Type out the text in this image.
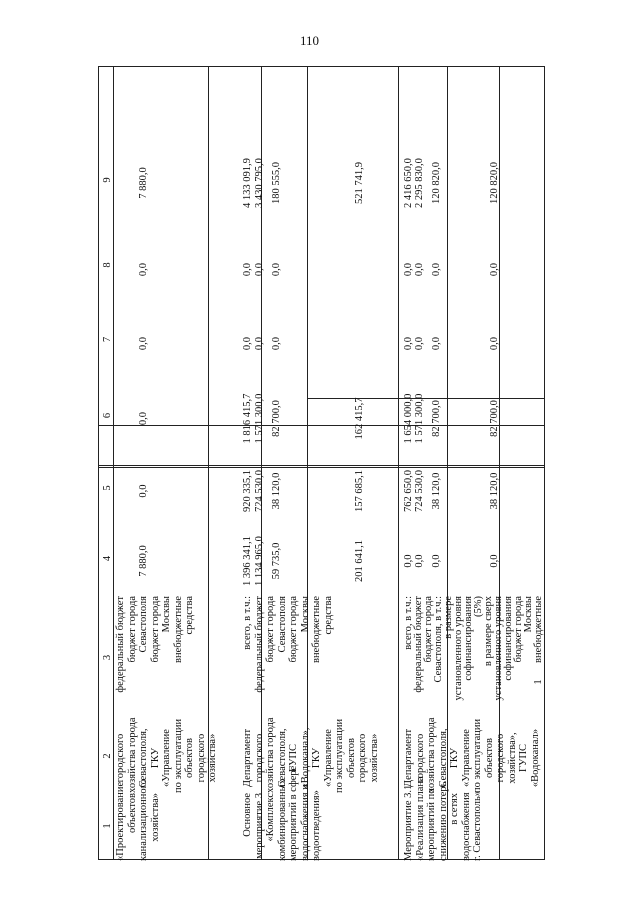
110
1
1
2
3
4
5
6
7
8
9
«Проектирование объектов канализационного хозяйства»
городского хозяйства города Севастополя, ГКУ «Управление по эксплуатации объектов городского хозяйства»
федеральный бюджет бюджет города Севастополя бюджет города Москвы внебюджетные средства
7 880,0
0,0
0,0
0,0
0,0
7 880,0
Основное мероприятие 3 «Комплекс комбинированных мероприятий в сфере водоснабжения и водоотведения»
Департамент городского хозяйства города Севастополя, ГУПС «Водоканал», ГКУ «Управление по эксплуатации объектов городского хозяйства»
всего, в т.ч.: федеральный бюджет бюджет города Севастополя бюджет города Москвы внебюджетные средства
1 396 341,1
920 335,1
1 816 415,7
0,0
0,0
4 133 091,9
1 134 965,0
724 530,0
1 571 300,0
0,0
0,0
3 430 795,0
59 735,0
38 120,0
82 700,0
0,0
0,0
180 555,0
201 641,1
157 685,1
162 415,7
521 741,9
Мероприятие 3.1 «Реализация плана мероприятий по снижению потерь в сетях водоснабжения г. Севастополь»
Департамент городского хозяйства города Севастополя, ГКУ «Управление по эксплуатации объектов городского хозяйства», ГУПС «Водоканал»
всего, в т.ч.: федеральный бюджет бюджет города Севастополя, в т.ч.: в размере установленного уровня софинансирования (5%) в размере сверх установленного уровня софинансирования бюджет города Москвы внебюджетные
0,0
762 650,0
1 654 000,0
0,0
0,0
2 416 650,0
0,0
724 530,0
1 571 300,0
0,0
0,0
2 295 830,0
0,0
38 120,0
82 700,0
0,0
0,0
120 820,0
0,0
38 120,0
82 700,0
0,0
0,0
120 820,0
